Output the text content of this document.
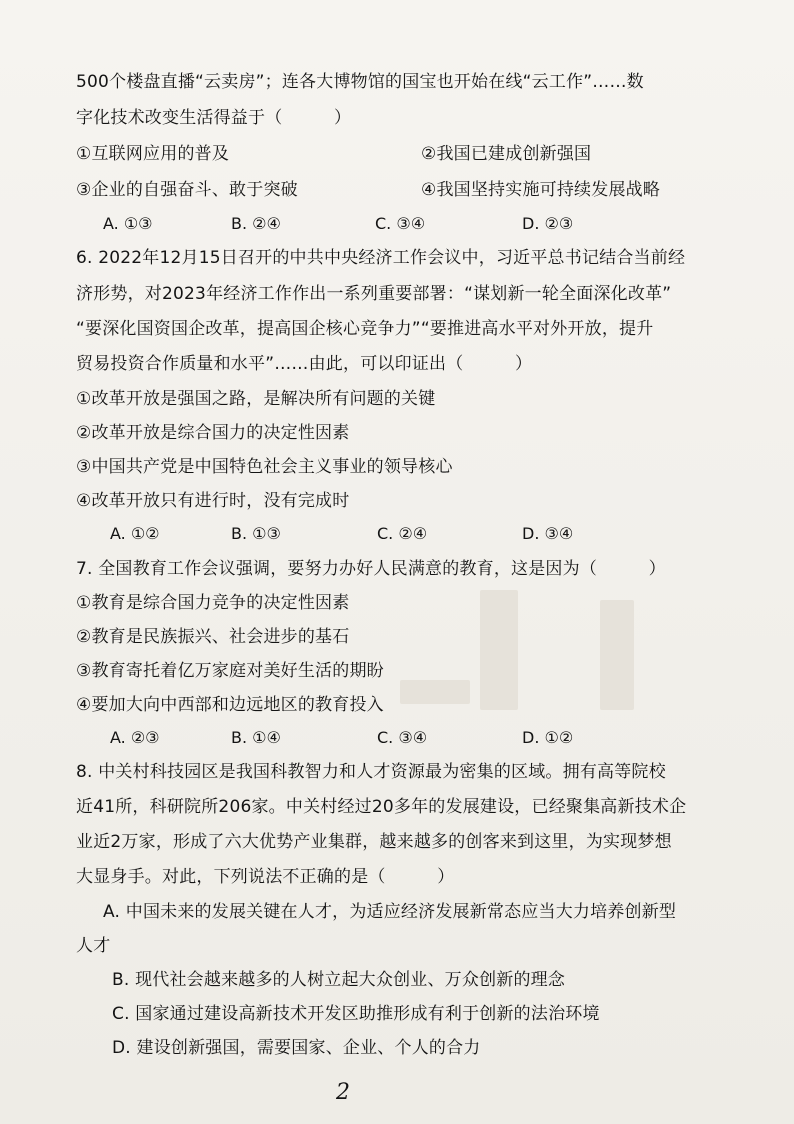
500个楼盘直播“云卖房”；连各大博物馆的国宝也开始在线“云工作”……数
字化技术改变生活得益于（　　　）
①互联网应用的普及	②我国已建成创新强国
③企业的自强奋斗、敢于突破	④我国坚持实施可持续发展战略
A. ①③	B. ②④	C. ③④	D. ②③
6. 2022年12月15日召开的中共中央经济工作会议中，习近平总书记结合当前经
济形势，对2023年经济工作作出一系列重要部署：“谋划新一轮全面深化改革”
“要深化国资国企改革，提高国企核心竞争力”“要推进高水平对外开放，提升
贸易投资合作质量和水平”……由此，可以印证出（　　　）
①改革开放是强国之路，是解决所有问题的关键
②改革开放是综合国力的决定性因素
③中国共产党是中国特色社会主义事业的领导核心
④改革开放只有进行时，没有完成时
A. ①②	B. ①③	C. ②④	D. ③④
7. 全国教育工作会议强调，要努力办好人民满意的教育，这是因为（　　　）
①教育是综合国力竞争的决定性因素
②教育是民族振兴、社会进步的基石
③教育寄托着亿万家庭对美好生活的期盼
④要加大向中西部和边远地区的教育投入
A. ②③	B. ①④	C. ③④	D. ①②
8. 中关村科技园区是我国科教智力和人才资源最为密集的区域。拥有高等院校
近41所，科研院所206家。中关村经过20多年的发展建设，已经聚集高新技术企
业近2万家，形成了六大优势产业集群，越来越多的创客来到这里，为实现梦想
大显身手。对此，下列说法不正确的是（　　　）
A. 中国未来的发展关键在人才，为适应经济发展新常态应当大力培养创新型
人才
B. 现代社会越来越多的人树立起大众创业、万众创新的理念
C. 国家通过建设高新技术开发区助推形成有利于创新的法治环境
D. 建设创新强国，需要国家、企业、个人的合力
2
